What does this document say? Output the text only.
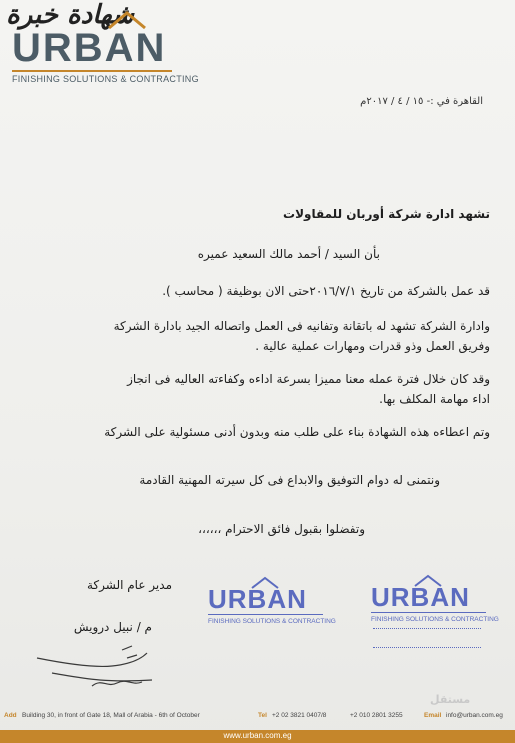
URBAN
FINISHING SOLUTIONS & CONTRACTING
القاهرة في :- ١٥ / ٤ / ٢٠١٧م
شهادة خبرة
تشهد ادارة شركة أوربان للمقاولات
بأن السيد / أحمد مالك السعيد عميره
قد عمل بالشركة من تاريخ ٢٠١٦/٧/١حتى الان بوظيفة ( محاسب ).
وادارة الشركة تشهد له باتقانة وتفانيه فى العمل واتصاله الجيد بادارة الشركة
وفريق العمل وذو قدرات ومهارات عملية عالية .
وقد كان خلال فترة عمله معنا مميزا بسرعة اداءه وكفاءته العاليه فى انجاز
اداء مهامة المكلف بها.
وتم اعطاءه هذه الشهادة بناء على طلب منه وبدون أدنى مسئولية على الشركة
ونتمنى له دوام التوفيق والابداع فى كل سيرته المهنية القادمة
وتفضلوا بقبول فائق الاحترام ،،،،،،
مدير عام الشركة
م / نبيل درويش
URBAN
FINISHING SOLUTIONS & CONTRACTING
URBAN
FINISHING SOLUTIONS & CONTRACTING
مستقل
Add Building 30, in front of Gate 18, Mall of Arabia - 6th of October	Tel +2 02 3821 0407/8	+2 010 2801 3255	Email info@urban.com.eg
www.urban.com.eg
